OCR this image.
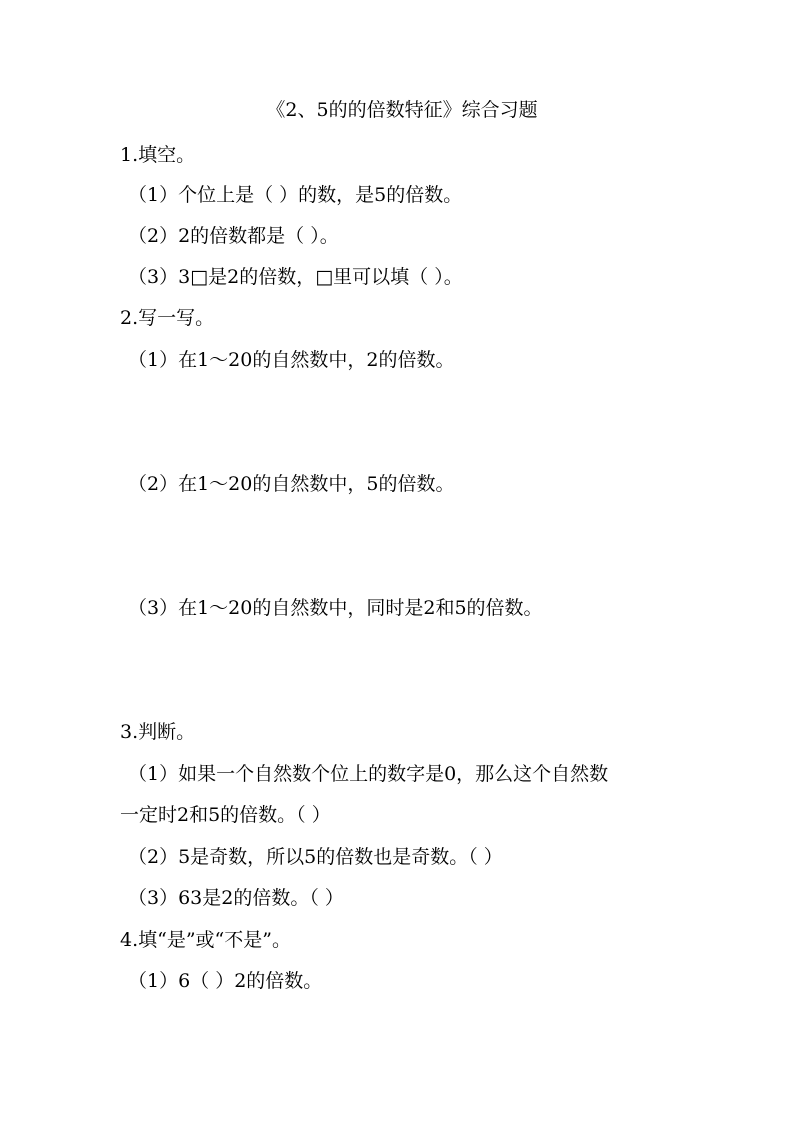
《2、5的的倍数特征》综合习题
1.填空。
（1）个位上是（ ）的数，是5的倍数。
（2）2的倍数都是（ ）。
（3）3□是2的倍数，□里可以填（ ）。
2.写一写。
（1）在1～20的自然数中，2的倍数。
（2）在1～20的自然数中，5的倍数。
（3）在1～20的自然数中，同时是2和5的倍数。
3.判断。
（1）如果一个自然数个位上的数字是0，那么这个自然数
一定时2和5的倍数。（ ）
（2）5是奇数，所以5的倍数也是奇数。（ ）
（3）63是2的倍数。（ ）
4.填“是”或“不是”。
（1）6（ ）2的倍数。
